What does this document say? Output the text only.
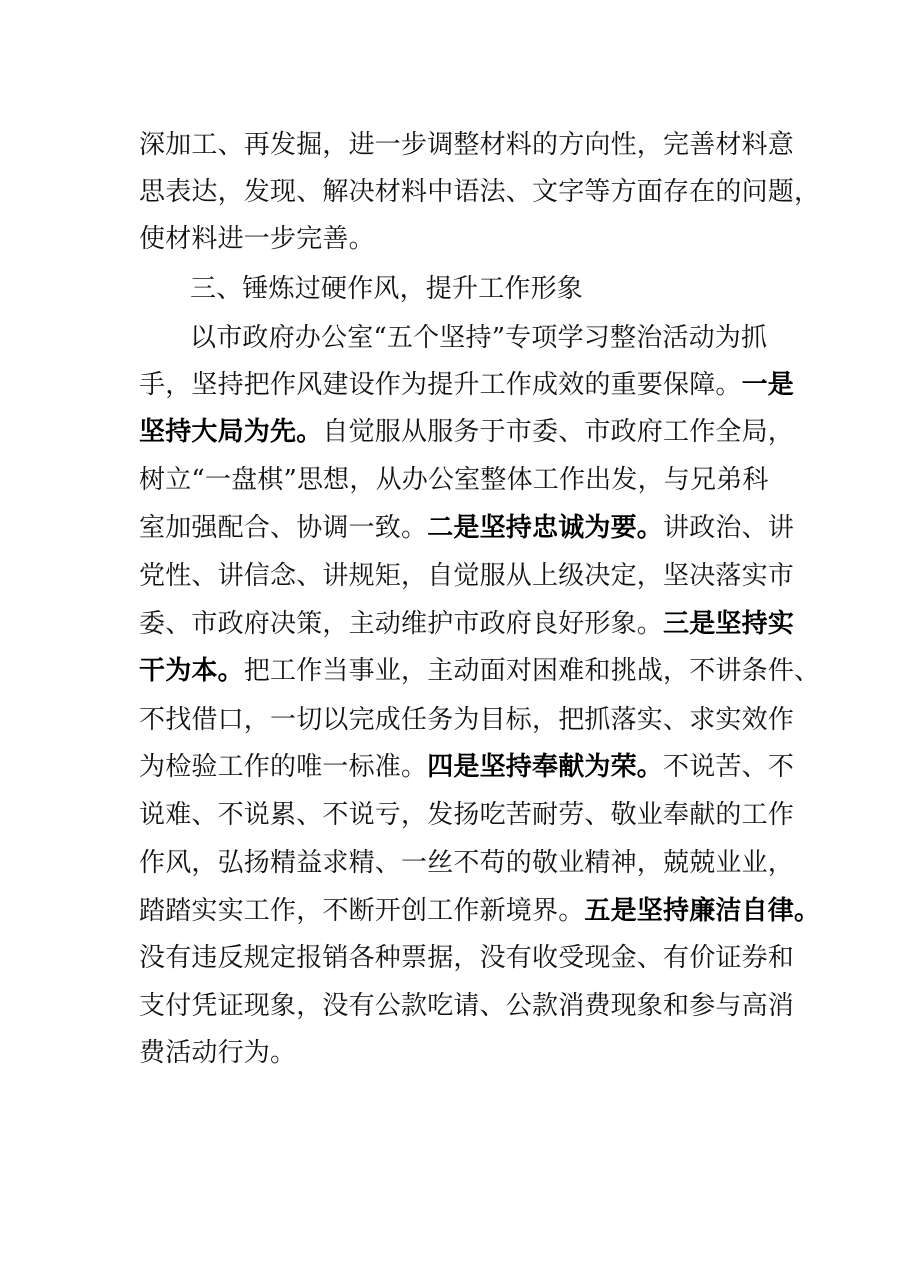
深加工、再发掘，进一步调整材料的方向性，完善材料意
思表达，发现、解决材料中语法、文字等方面存在的问题，
使材料进一步完善。
三、锤炼过硬作风，提升工作形象
以市政府办公室“五个坚持”专项学习整治活动为抓
手，坚持把作风建设作为提升工作成效的重要保障。一是
坚持大局为先。自觉服从服务于市委、市政府工作全局，
树立“一盘棋”思想，从办公室整体工作出发，与兄弟科
室加强配合、协调一致。二是坚持忠诚为要。讲政治、讲
党性、讲信念、讲规矩，自觉服从上级决定，坚决落实市
委、市政府决策，主动维护市政府良好形象。三是坚持实
干为本。把工作当事业，主动面对困难和挑战，不讲条件、
不找借口，一切以完成任务为目标，把抓落实、求实效作
为检验工作的唯一标准。四是坚持奉献为荣。不说苦、不
说难、不说累、不说亏，发扬吃苦耐劳、敬业奉献的工作
作风，弘扬精益求精、一丝不苟的敬业精神，兢兢业业，
踏踏实实工作，不断开创工作新境界。五是坚持廉洁自律。
没有违反规定报销各种票据，没有收受现金、有价证券和
支付凭证现象，没有公款吃请、公款消费现象和参与高消
费活动行为。
